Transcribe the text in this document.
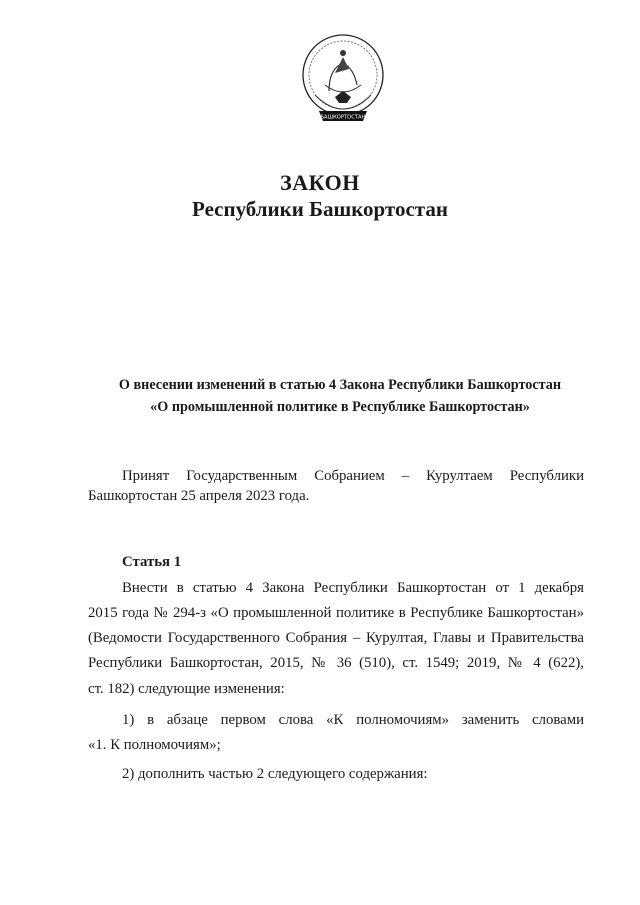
БАШКОРТОСТАН
ЗАКОН
Республики Башкортостан
О внесении изменений в статью 4 Закона Республики Башкортостан
«О промышленной политике в Республике Башкортостан»
Принят Государственным Собранием – Курултаем Республики
Башкортостан 25 апреля 2023 года.
Статья 1
Внести в статью 4 Закона Республики Башкортостан от 1 декабря
2015 года № 294-з «О промышленной политике в Республике Башкортостан»
(Ведомости Государственного Собрания – Курултая, Главы и Правительства
Республики Башкортостан, 2015, № 36 (510), ст. 1549; 2019, № 4 (622),
ст. 182) следующие изменения:
1) в абзаце первом слова «К полномочиям» заменить словами
«1. К полномочиям»;
2) дополнить частью 2 следующего содержания:
